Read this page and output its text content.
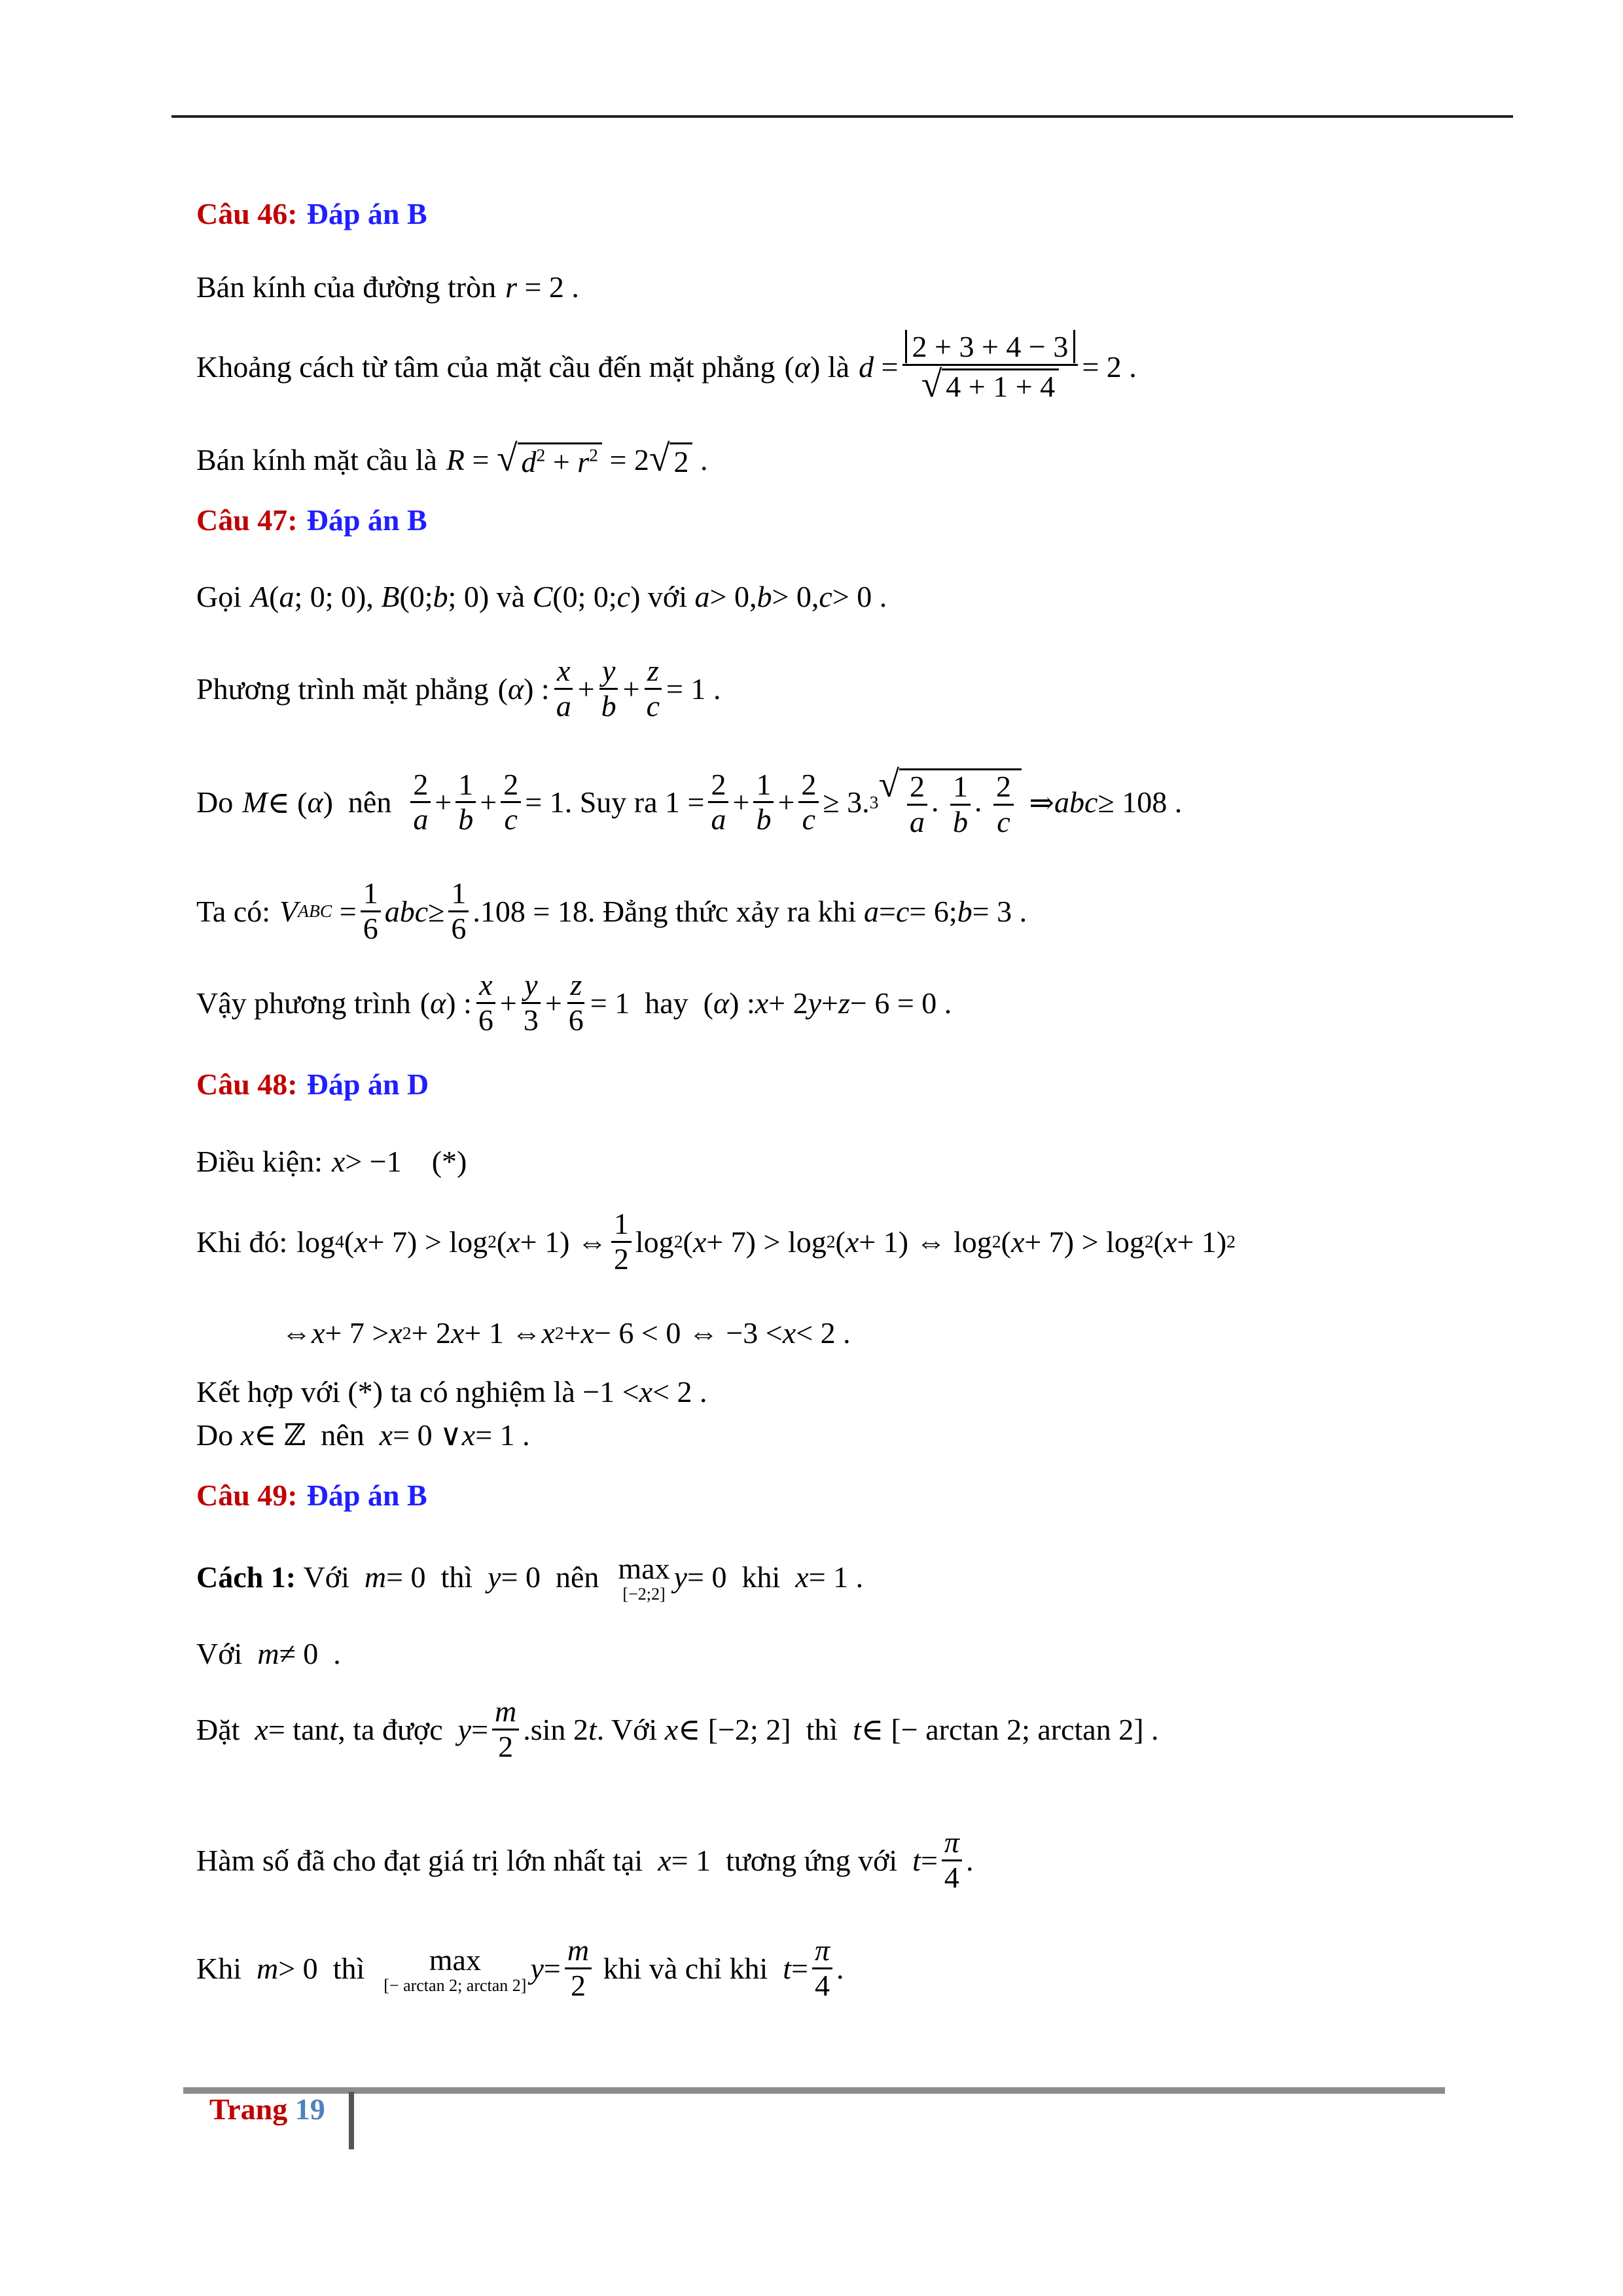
Câu 46: Đáp án B
Bán kính của đường tròn r = 2 .
Khoảng cách từ tâm của mặt cầu đến mặt phẳng ( α ) là $d = \frac{2 + 3 + 4 - 3}{√ 4 + 1 + 4} = 2$ .
Bán kính mặt cầu là R = √ $d^2 + r^2 = 2$ √ 2 .
Câu 47: Đáp án B
Gọi A ( a ; 0; 0), B (0; b ; 0) và
C (0; 0; c ) với
a > 0, b > 0, c > 0 .
Phương trình mặt phẳng ( α ) : $\frac{x}{a} + \frac{y}{b} + \frac{z}{c} = 1$ .
Do M ∈ ( α ) nên
$\frac{2}{a} + \frac{1}{b} + \frac{2}{c} = 1$ . Suy ra $1 = \frac{2}{a} + \frac{1}{b} + \frac{2}{c} \ge 3$. 3 √ $\frac{2}{a}$ . $\frac{1}{b}$ . $\frac{2}{c}$ ⇒ abc ≥ 108 .
Ta có: V ABC = $\frac{1}{6}$ abc ≥ $\frac{1}{6} .108 = 18$ . Đẳng thức xảy ra khi
a = c = 6; b = 3 .
Vậy phương trình ( α ) : $\frac{x}{6} + \frac{y}{3} + \frac{z}{6} = 1$ hay ( α ) : x + 2 y + z − 6 = 0 .
Câu 48: Đáp án D
Điều kiện: x > −1 (*)
Khi đó: log 4 ( x + 7) > log 2 ( x + 1) ⇔ $\frac{1}{2}$ log 2 ( x + 7) > log 2 ( x + 1) ⇔ log 2 ( x + 7) > log 2 ( x + 1) 2
⇔ x + 7 > x 2 + 2 x + 1 ⇔ x 2 + x − 6 < 0 ⇔ −3 < x < 2 .
Kết hợp với (*) ta có nghiệm là −1 < x < 2 .
Do
x ∈ ℤ nên
x = 0 ∨ x = 1 .
Câu 49: Đáp án B
Cách 1:
Với
m = 0 thì
y = 0 nên
max
[−2;2]
y = 0 khi
x = 1 .
Với
m ≠ 0  .
Đặt
x = tan t , ta được
$y = \frac{m}{2} .\sin$ 2 t . Với
x ∈ [−2; 2] thì
t ∈ [− arctan 2; arctan 2] .
Hàm số đã cho đạt giá trị lớn nhất tại
x = 1 tương ứng với
$t = \frac{\pi}{4}$ .
Khi
m > 0 thì
max
[− arctan 2; arctan 2]
$y = \frac{m}{2}$
khi và chỉ khi
$t = \frac{\pi}{4}$ .
Trang 19
